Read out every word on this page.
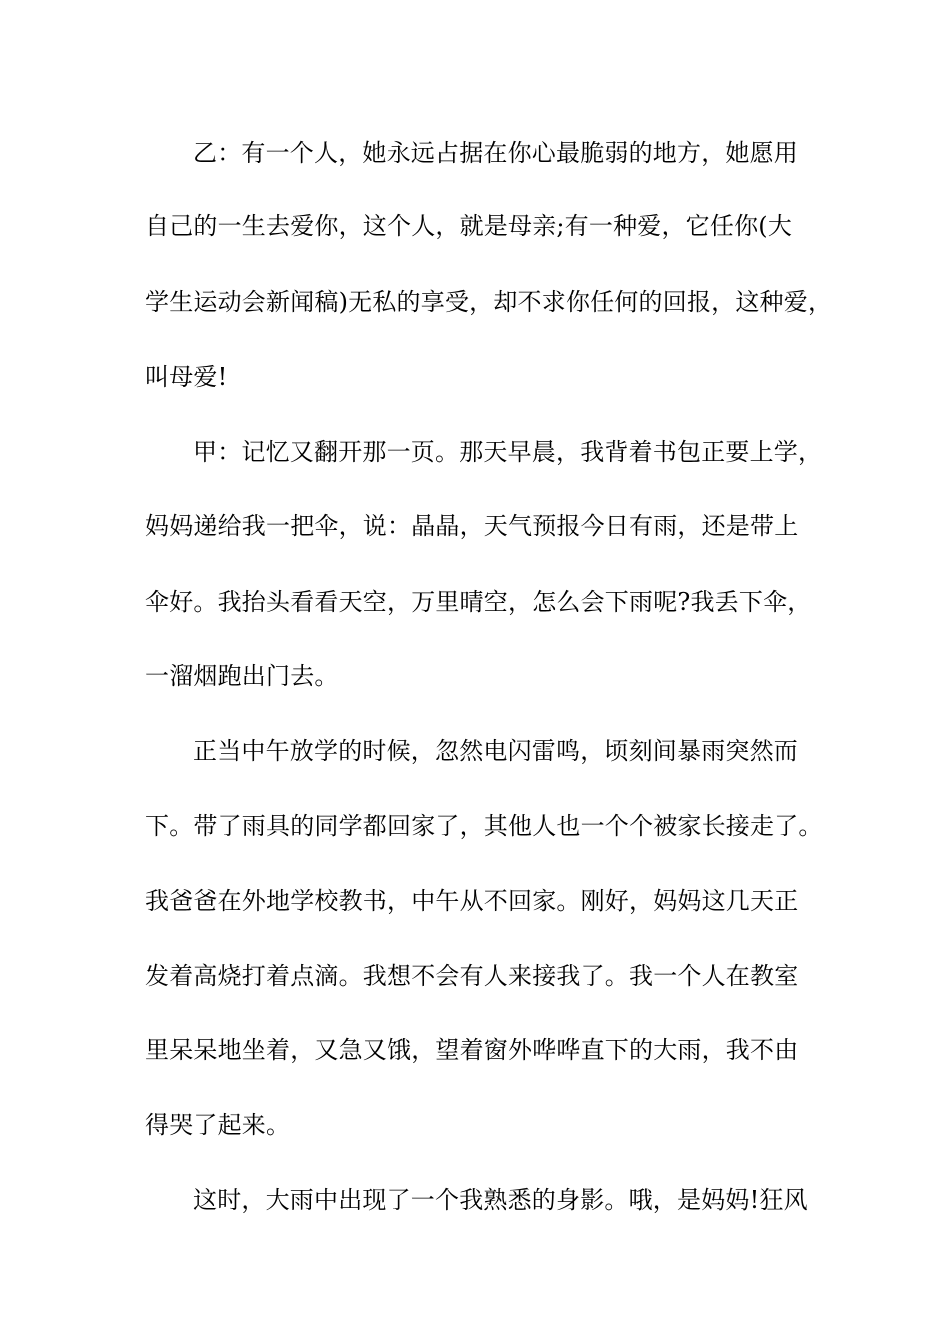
乙：有一个人，她永远占据在你心最脆弱的地方，她愿用
自己的一生去爱你，这个人，就是母亲;有一种爱，它任你(大
学生运动会新闻稿)无私的享受，却不求你任何的回报，这种爱，
叫母爱!
甲：记忆又翻开那一页。那天早晨，我背着书包正要上学，
妈妈递给我一把伞，说：晶晶，天气预报今日有雨，还是带上
伞好。我抬头看看天空，万里晴空，怎么会下雨呢?我丢下伞，
一溜烟跑出门去。
正当中午放学的时候，忽然电闪雷鸣，顷刻间暴雨突然而
下。带了雨具的同学都回家了，其他人也一个个被家长接走了。
我爸爸在外地学校教书，中午从不回家。刚好，妈妈这几天正
发着高烧打着点滴。我想不会有人来接我了。我一个人在教室
里呆呆地坐着，又急又饿，望着窗外哗哗直下的大雨，我不由
得哭了起来。
这时，大雨中出现了一个我熟悉的身影。哦，是妈妈!狂风
